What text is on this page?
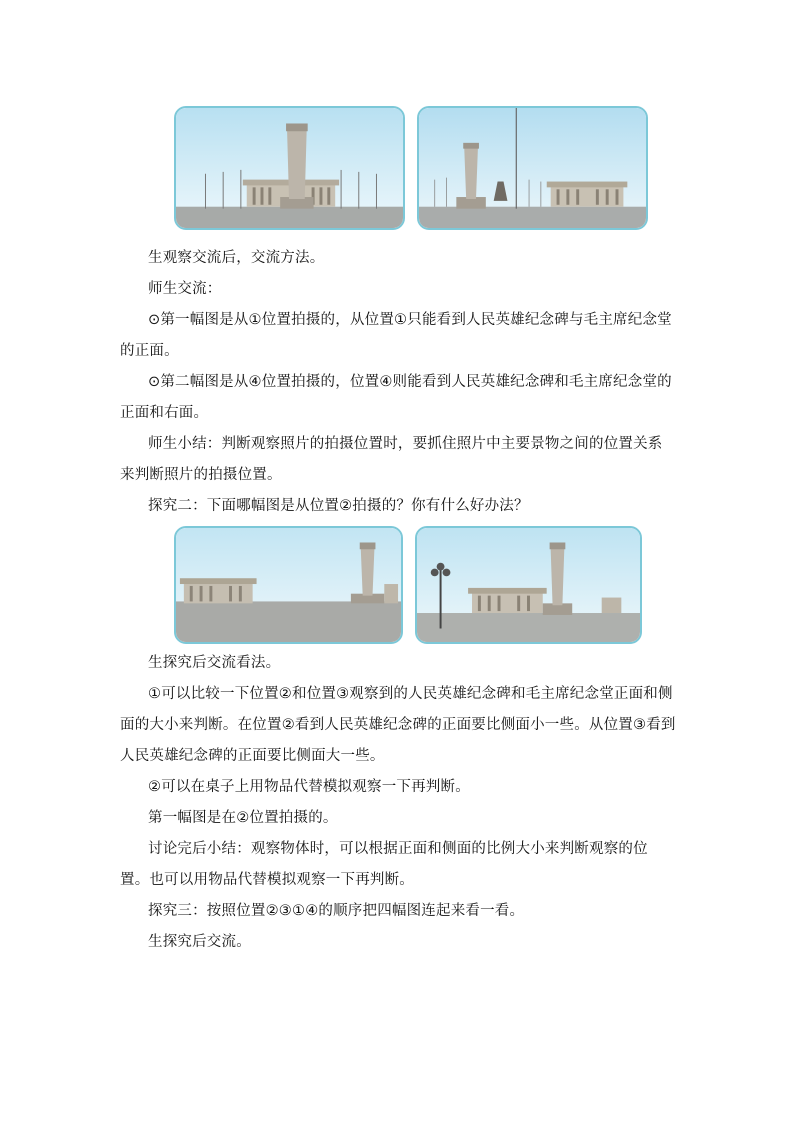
生观察交流后，交流方法。

师生交流：

⊙第一幅图是从①位置拍摄的，从位置①只能看到人民英雄纪念碑与毛主席纪念堂的正面。

⊙第二幅图是从④位置拍摄的，位置④则能看到人民英雄纪念碑和毛主席纪念堂的正面和右面。

师生小结：判断观察照片的拍摄位置时，要抓住照片中主要景物之间的位置关系来判断照片的拍摄位置。

探究二：下面哪幅图是从位置②拍摄的？你有什么好办法？

生探究后交流看法。

①可以比较一下位置②和位置③观察到的人民英雄纪念碑和毛主席纪念堂正面和侧面的大小来判断。在位置②看到人民英雄纪念碑的正面要比侧面小一些。从位置③看到人民英雄纪念碑的正面要比侧面大一些。

②可以在桌子上用物品代替模拟观察一下再判断。

第一幅图是在②位置拍摄的。

讨论完后小结：观察物体时，可以根据正面和侧面的比例大小来判断观察的位置。也可以用物品代替模拟观察一下再判断。

探究三：按照位置②③①④的顺序把四幅图连起来看一看。

生探究后交流。
